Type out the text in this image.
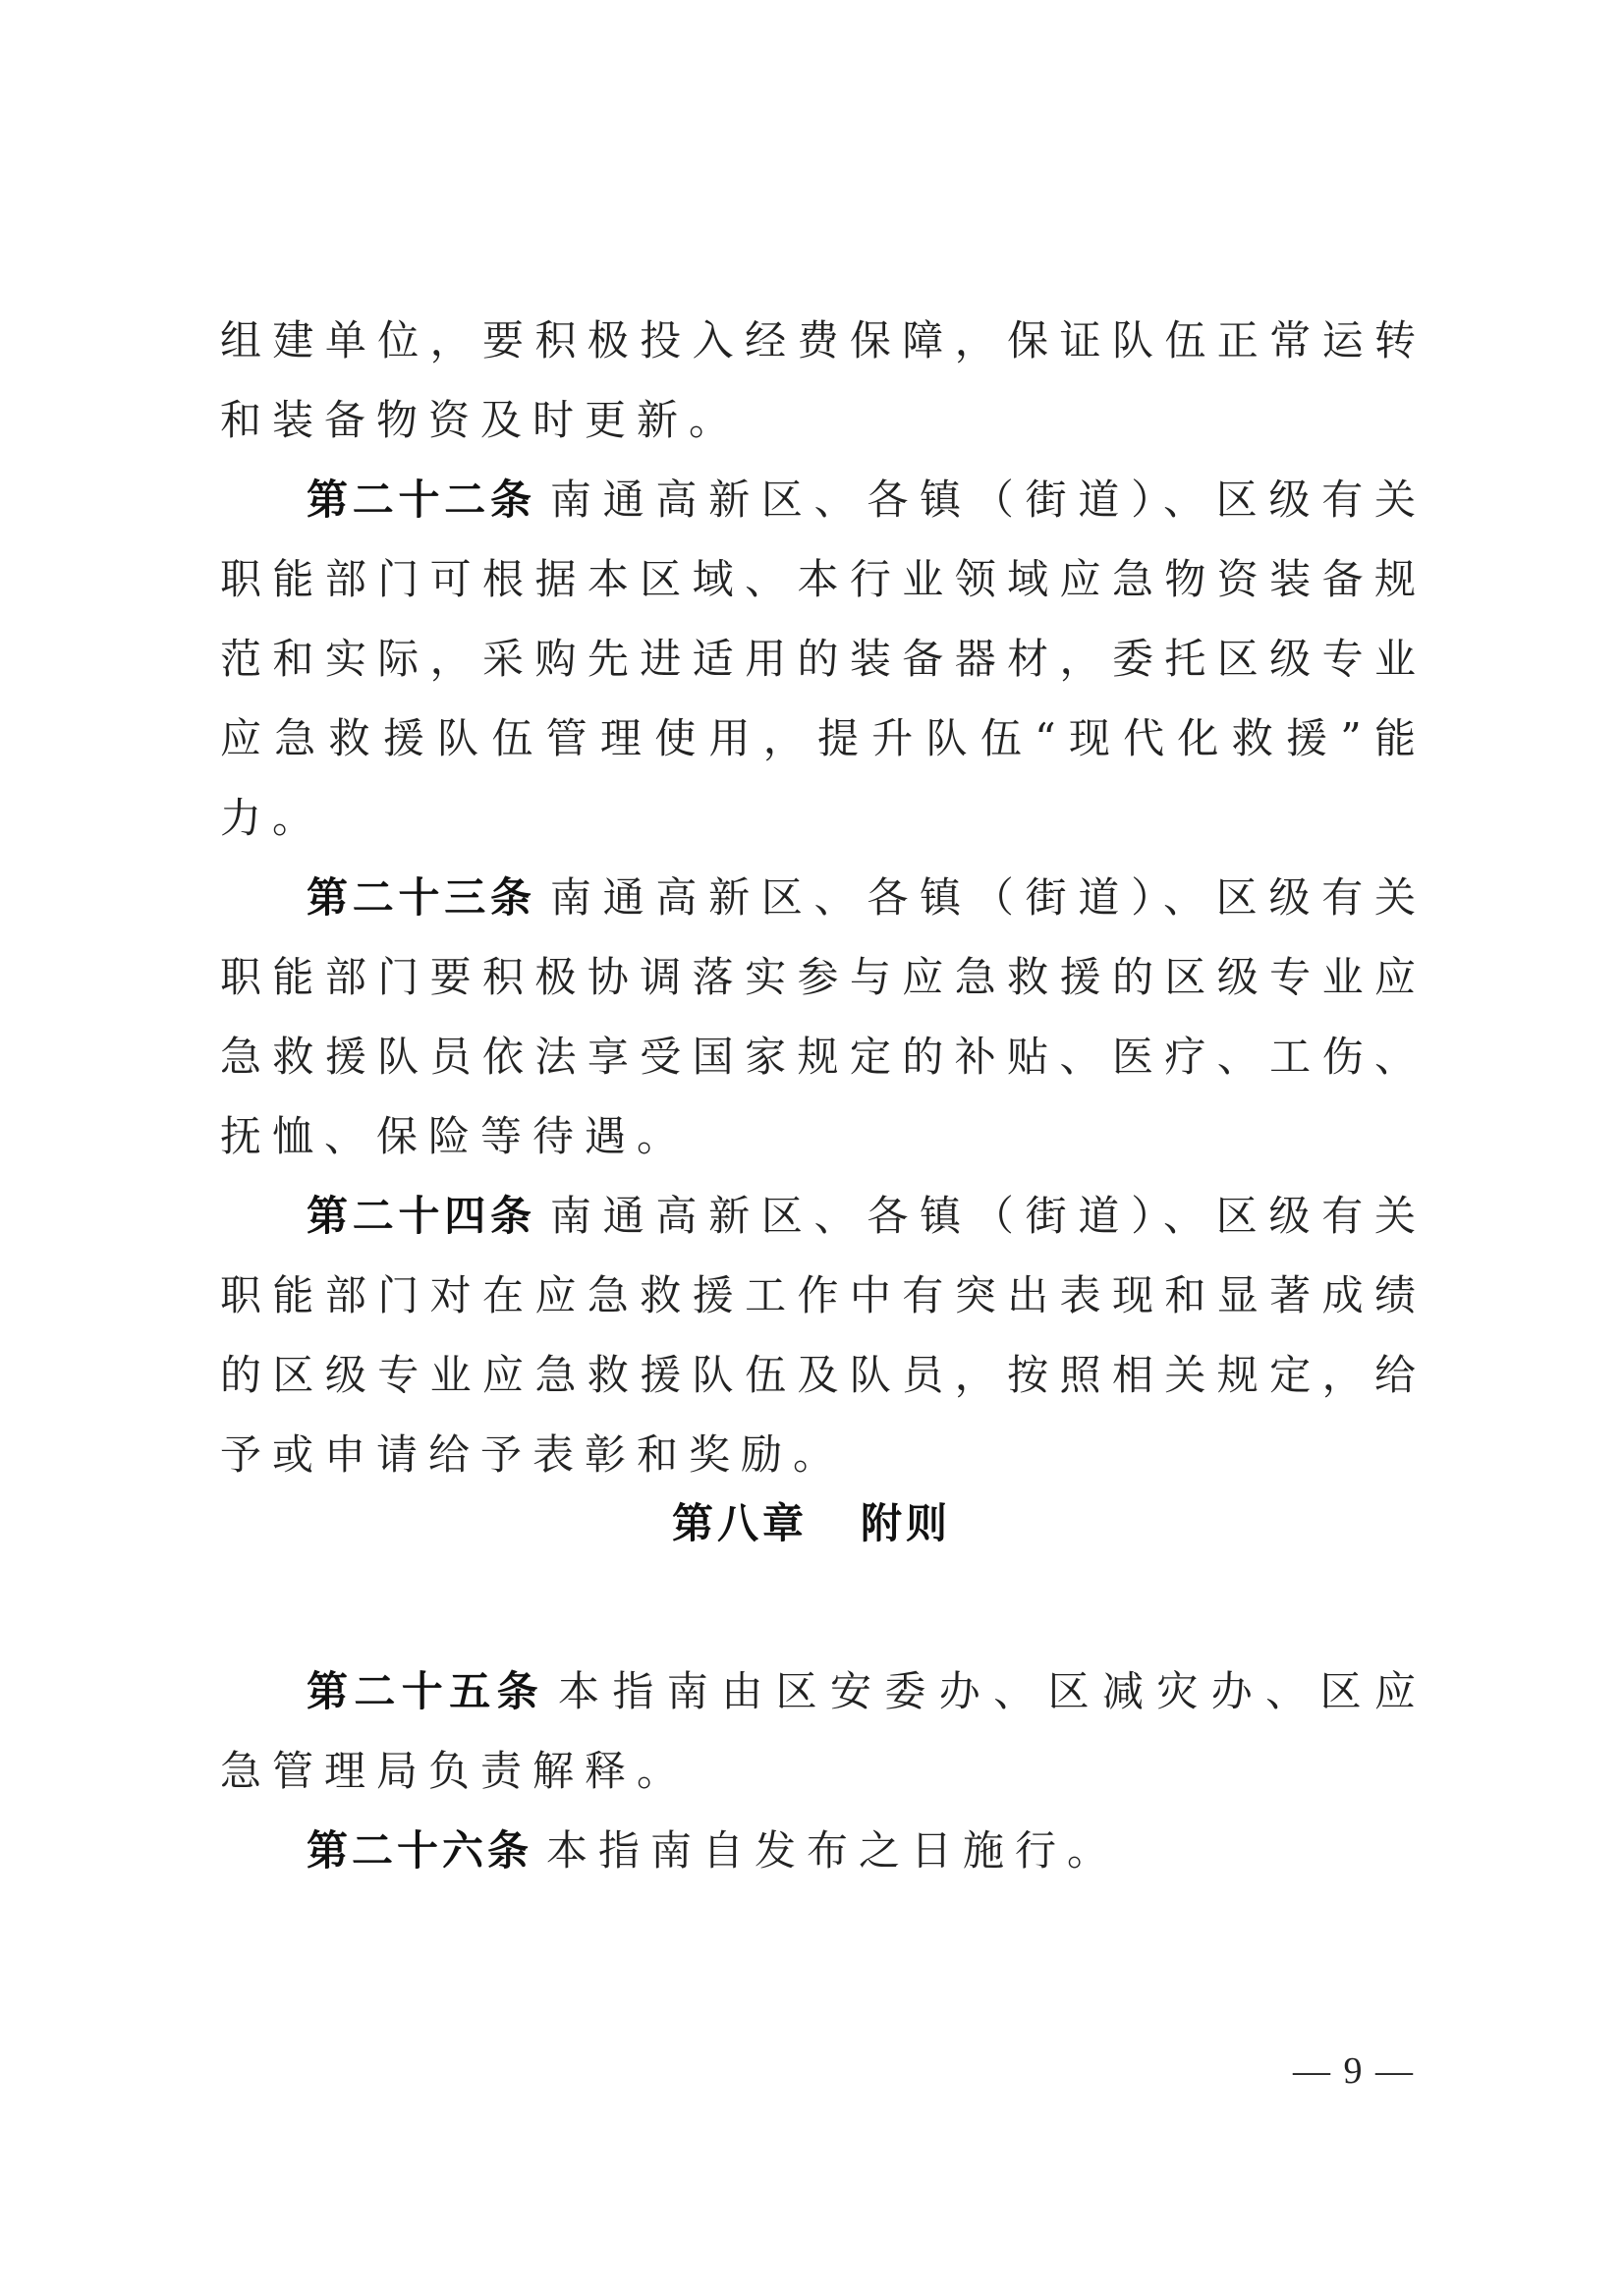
组建单位，要积极投入经费保障，保证队伍正常运转和装备物资及时更新。

第二十二条 南通高新区、各镇（街道）、区级有关职能部门可根据本区域、本行业领域应急物资装备规范和实际，采购先进适用的装备器材，委托区级专业应急救援队伍管理使用，提升队伍“现代化救援”能力。

第二十三条 南通高新区、各镇（街道）、区级有关职能部门要积极协调落实参与应急救援的区级专业应急救援队员依法享受国家规定的补贴、医疗、工伤、抚恤、保险等待遇。

第二十四条 南通高新区、各镇（街道）、区级有关职能部门对在应急救援工作中有突出表现和显著成绩的区级专业应急救援队伍及队员，按照相关规定，给予或申请给予表彰和奖励。

第八章 附则

第二十五条 本指南由区安委办、区减灾办、区应急管理局负责解释。

第二十六条 本指南自发布之日施行。

— 9 —
